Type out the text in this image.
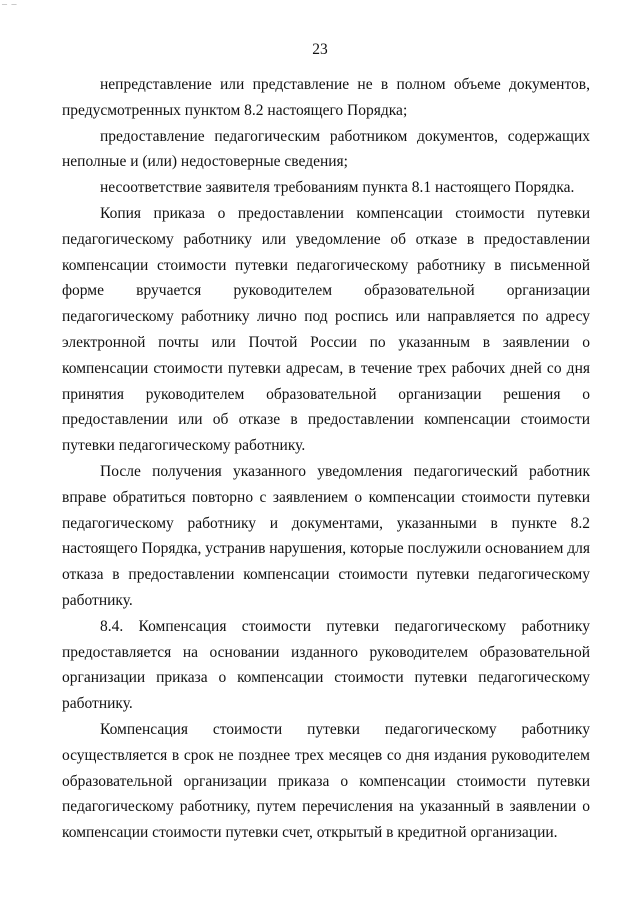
– –
23

непредставление или представление не в полном объеме документов, предусмотренных пунктом 8.2 настоящего Порядка;

предоставление педагогическим работником документов, содержащих неполные и (или) недостоверные сведения;

несоответствие заявителя требованиям пункта 8.1 настоящего Порядка.

Копия приказа о предоставлении компенсации стоимости путевки педагогическому работнику или уведомление об отказе в предоставлении компенсации стоимости путевки педагогическому работнику в письменной форме вручается руководителем образовательной организации педагогическому работнику лично под роспись или направляется по адресу электронной почты или Почтой России по указанным в заявлении о компенсации стоимости путевки адресам, в течение трех рабочих дней со дня принятия руководителем образовательной организации решения о предоставлении или об отказе в предоставлении компенсации стоимости путевки педагогическому работнику.

После получения указанного уведомления педагогический работник вправе обратиться повторно с заявлением о компенсации стоимости путевки педагогическому работнику и документами, указанными в пункте 8.2 настоящего Порядка, устранив нарушения, которые послужили основанием для отказа в предоставлении компенсации стоимости путевки педагогическому работнику.

8.4. Компенсация стоимости путевки педагогическому работнику предоставляется на основании изданного руководителем образовательной организации приказа о компенсации стоимости путевки педагогическому работнику.

Компенсация стоимости путевки педагогическому работнику осуществляется в срок не позднее трех месяцев со дня издания руководителем образовательной организации приказа о компенсации стоимости путевки педагогическому работнику, путем перечисления на указанный в заявлении о компенсации стоимости путевки счет, открытый в кредитной организации.
